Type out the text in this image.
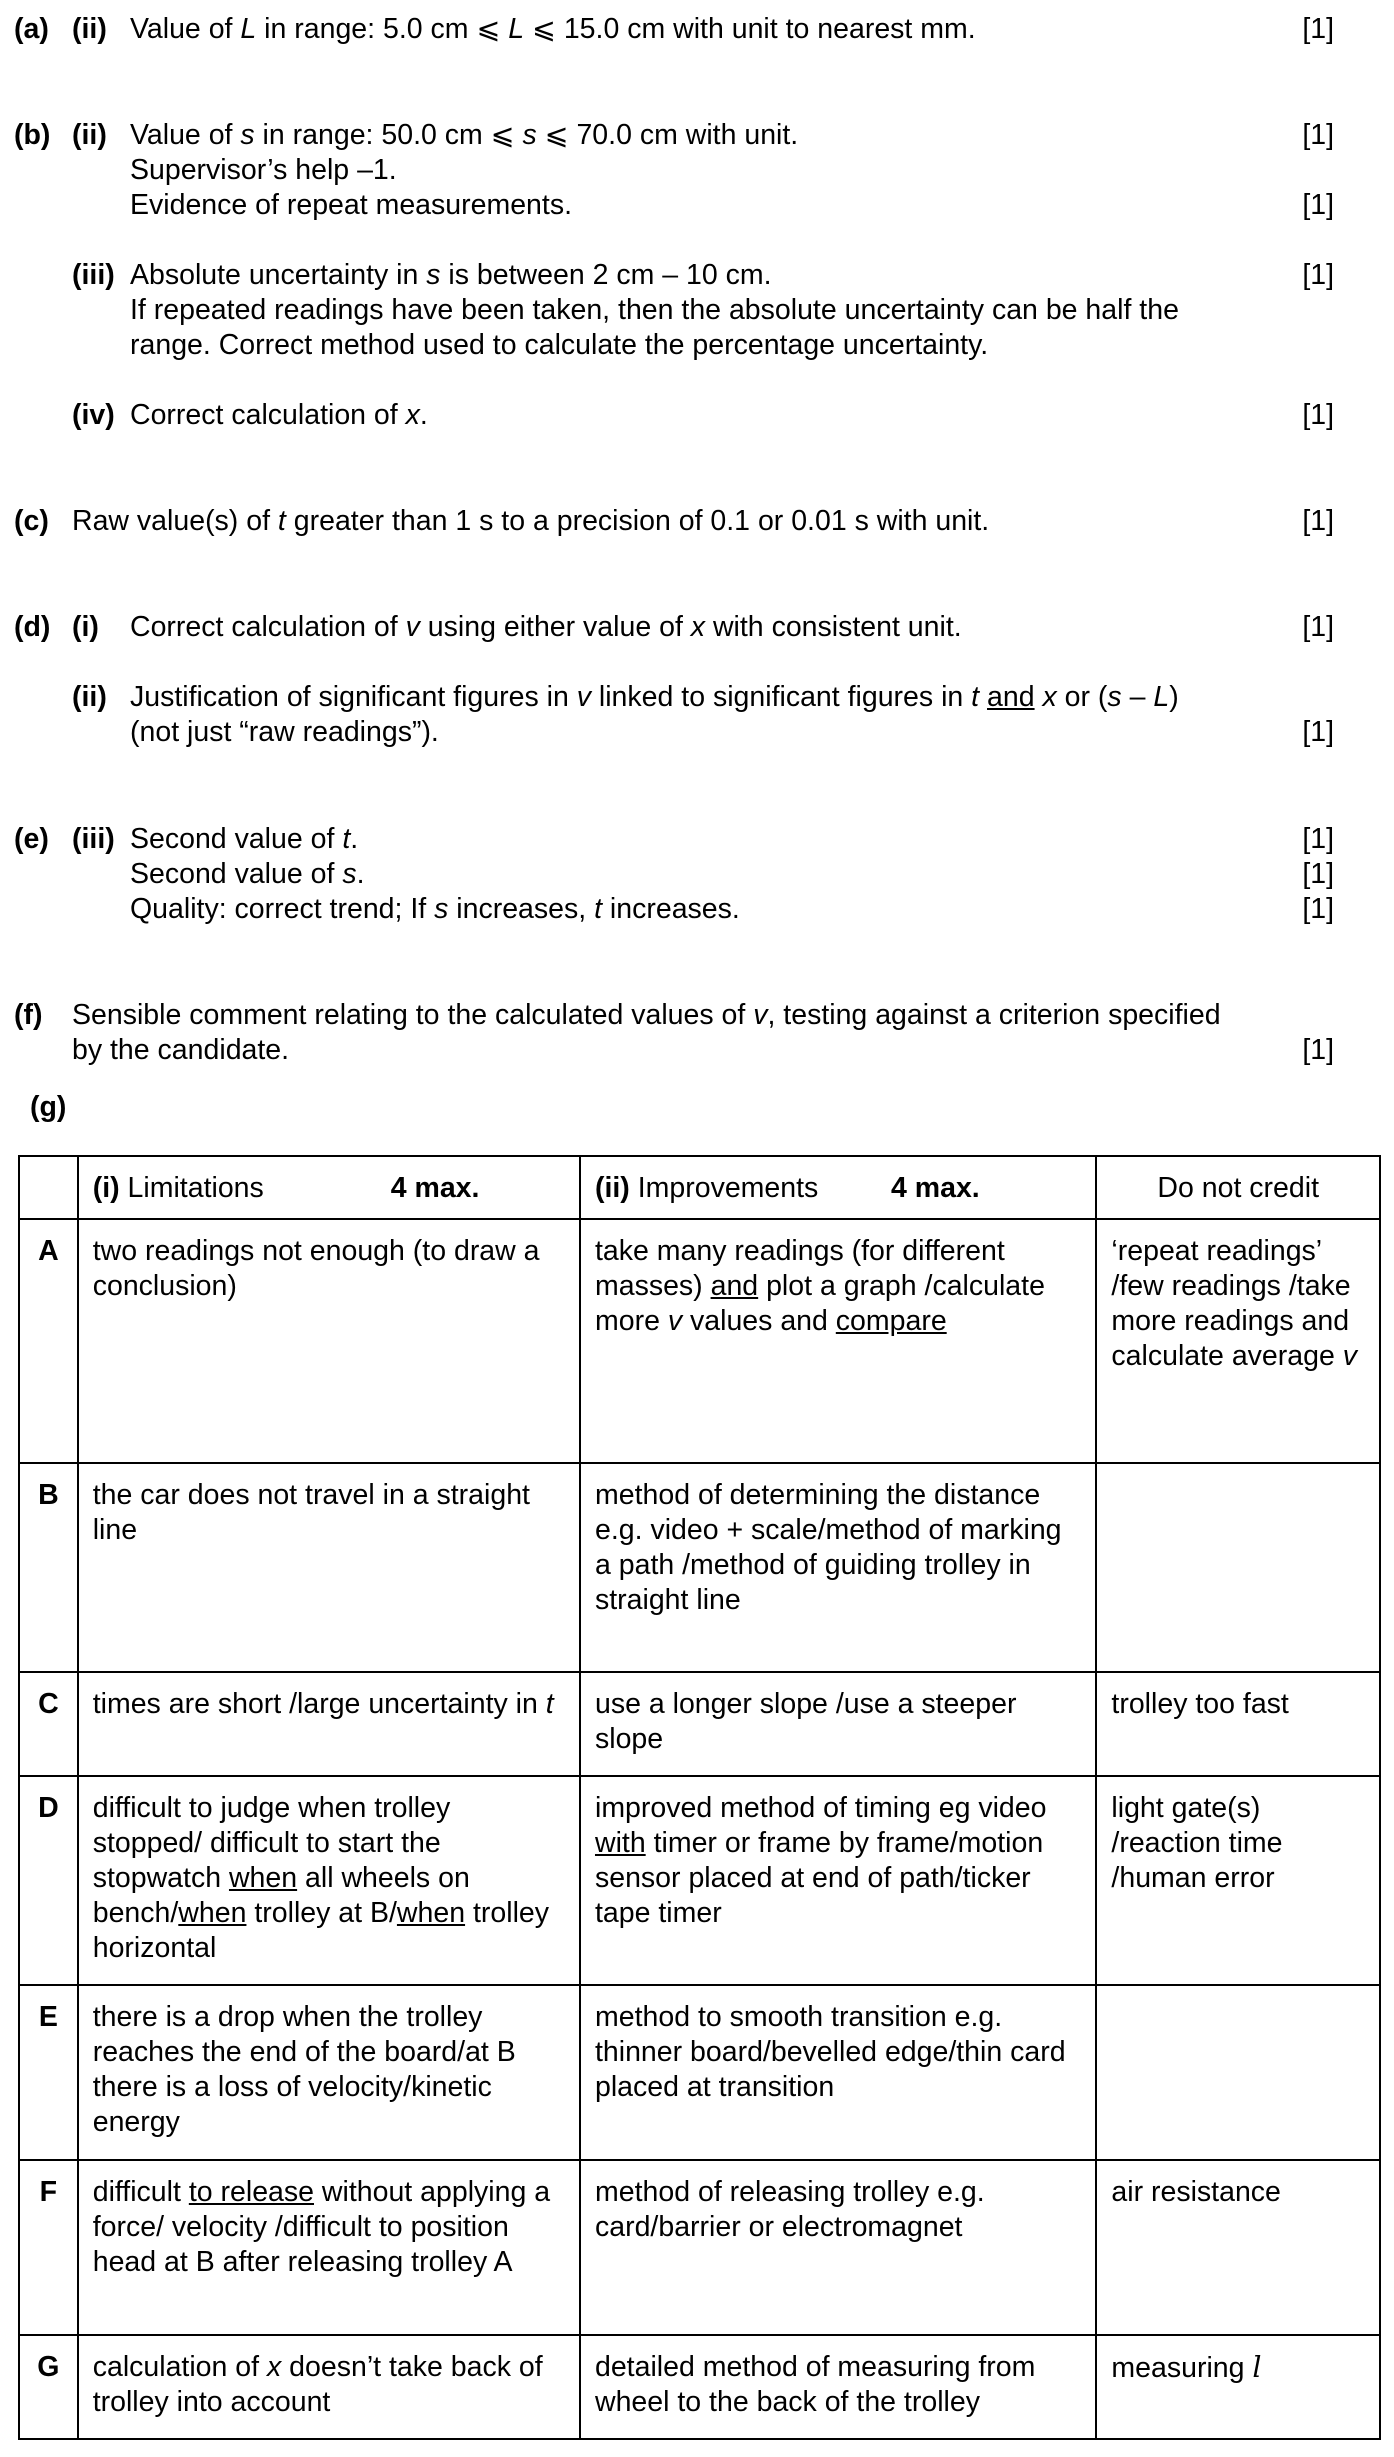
(a) (ii) Value of L in range: 5.0 cm ⩽ L ⩽ 15.0 cm with unit to nearest mm.	[1]
(b) (ii) Value of s in range: 50.0 cm ⩽ s ⩽ 70.0 cm with unit.	[1]
Supervisor’s help –1.
Evidence of repeat measurements.	[1]
(iii) Absolute uncertainty in s is between 2 cm – 10 cm.	[1]
If repeated readings have been taken, then the absolute uncertainty can be half the
range. Correct method used to calculate the percentage uncertainty.
(iv) Correct calculation of x.	[1]
(c) Raw value(s) of t greater than 1 s to a precision of 0.1 or 0.01 s with unit.	[1]
(d) (i) Correct calculation of v using either value of x with consistent unit.	[1]
(ii) Justification of significant figures in v linked to significant figures in t and x or (s – L)
(not just “raw readings”).	[1]
(e) (iii) Second value of t.	[1]
Second value of s.	[1]
Quality: correct trend; If s increases, t increases.	[1]
(f) Sensible comment relating to the calculated values of v, testing against a criterion specified
by the candidate.	[1]
(g)
	(i) Limitations 4 max.	(ii) Improvements 4 max.	Do not credit
A	two readings not enough (to draw a conclusion)	take many readings (for different masses) and plot a graph /calculate more v values and compare	‘repeat readings’ /few readings /take more readings and calculate average v
B	the car does not travel in a straight line	method of determining the distance e.g. video + scale/method of marking a path /method of guiding trolley in straight line	
C	times are short /large uncertainty in t	use a longer slope /use a steeper slope	trolley too fast
D	difficult to judge when trolley stopped/ difficult to start the stopwatch when all wheels on bench/when trolley at B/when trolley horizontal	improved method of timing eg video with timer or frame by frame/motion sensor placed at end of path/ticker tape timer	light gate(s) /reaction time /human error
E	there is a drop when the trolley reaches the end of the board/at B there is a loss of velocity/kinetic energy	method to smooth transition e.g. thinner board/bevelled edge/thin card placed at transition	
F	difficult to release without applying a force/ velocity /difficult to position head at B after releasing trolley A	method of releasing trolley e.g. card/barrier or electromagnet	air resistance
G	calculation of x doesn’t take back of trolley into account	detailed method of measuring from wheel to the back of the trolley	measuring l
